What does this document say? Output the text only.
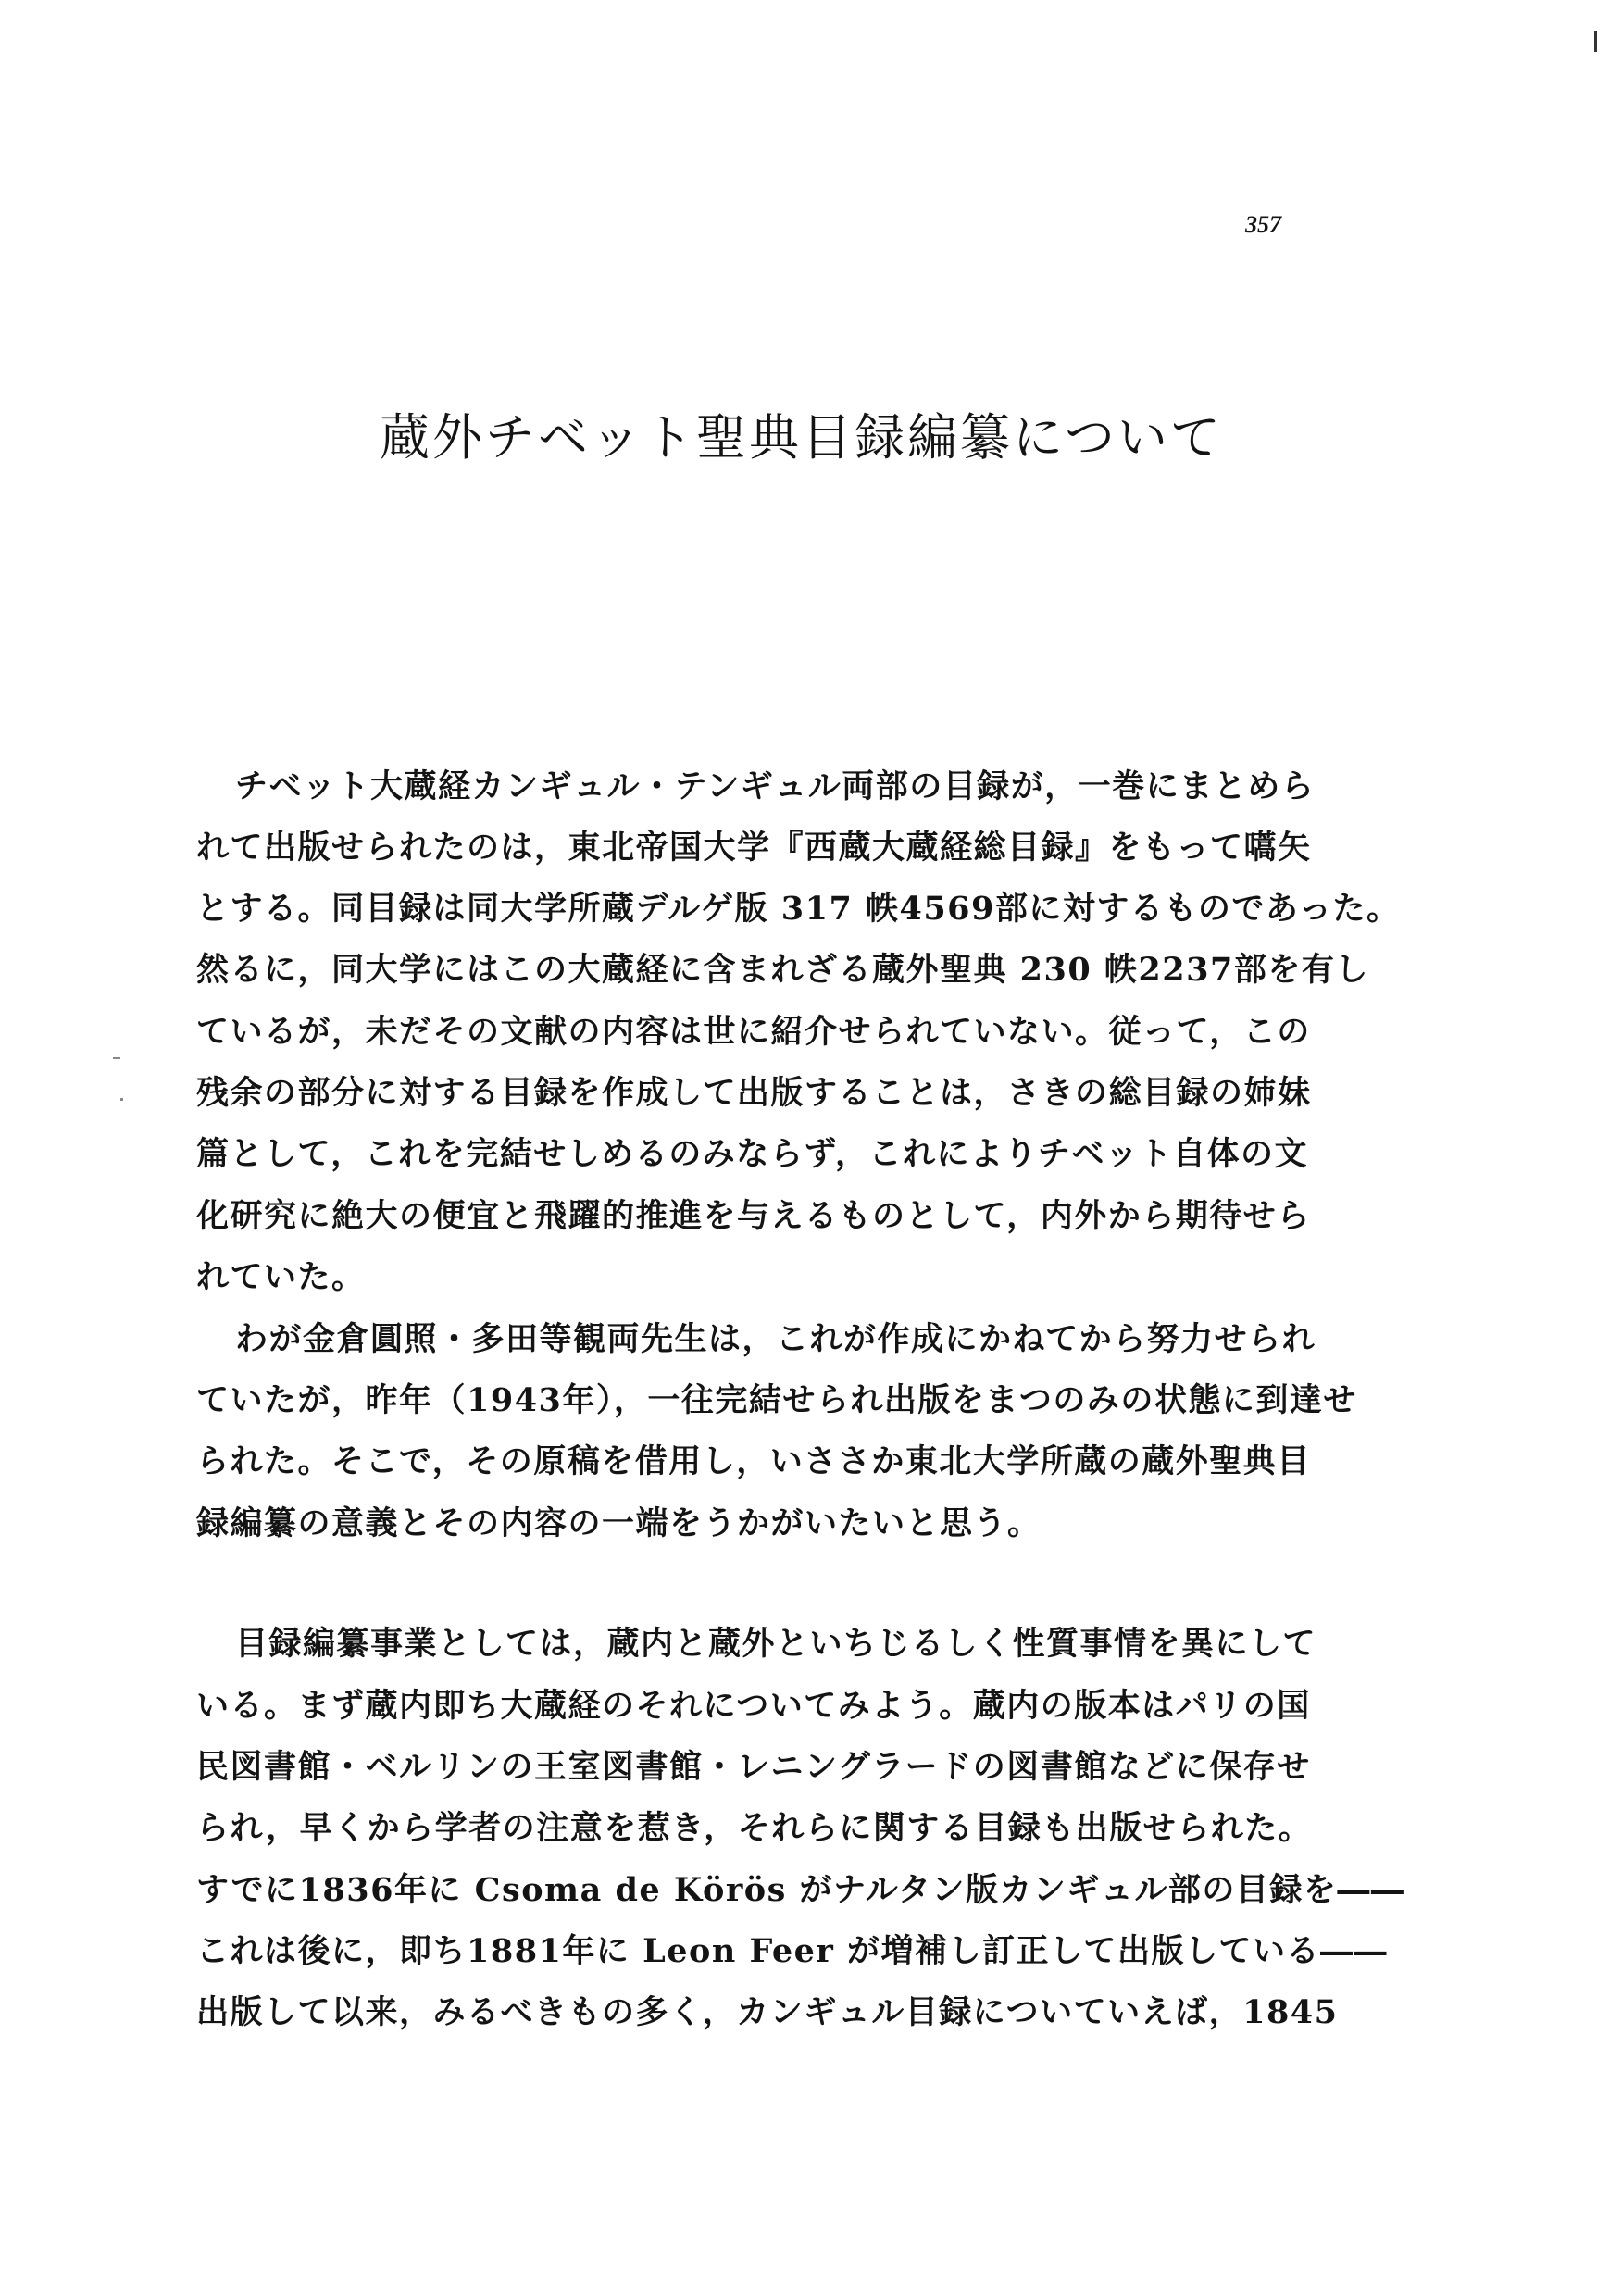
357
蔵外チベット聖典目録編纂について
チベット大蔵経カンギュル・テンギュル両部の目録が，一巻にまとめら
れて出版せられたのは，東北帝国大学『西蔵大蔵経総目録』をもって嚆矢
とする。同目録は同大学所蔵デルゲ版 317 帙4569部に対するものであった。
然るに，同大学にはこの大蔵経に含まれざる蔵外聖典 230 帙2237部を有し
ているが，未だその文献の内容は世に紹介せられていない。従って，この
残余の部分に対する目録を作成して出版することは，さきの総目録の姉妹
篇として，これを完結せしめるのみならず，これによりチベット自体の文
化研究に絶大の便宜と飛躍的推進を与えるものとして，内外から期待せら
れていた。
わが金倉圓照・多田等観両先生は，これが作成にかねてから努力せられ
ていたが，昨年（1943年），一往完結せられ出版をまつのみの状態に到達せ
られた。そこで，その原稿を借用し，いささか東北大学所蔵の蔵外聖典目
録編纂の意義とその内容の一端をうかがいたいと思う。
目録編纂事業としては，蔵内と蔵外といちじるしく性質事情を異にして
いる。まず蔵内即ち大蔵経のそれについてみよう。蔵内の版本はパリの国
民図書館・ベルリンの王室図書館・レニングラードの図書館などに保存せ
られ，早くから学者の注意を惹き，それらに関する目録も出版せられた。
すでに1836年に Csoma de Körös がナルタン版カンギュル部の目録を――
これは後に，即ち1881年に Leon Feer が増補し訂正して出版している――
出版して以来，みるべきもの多く，カンギュル目録についていえば，1845
